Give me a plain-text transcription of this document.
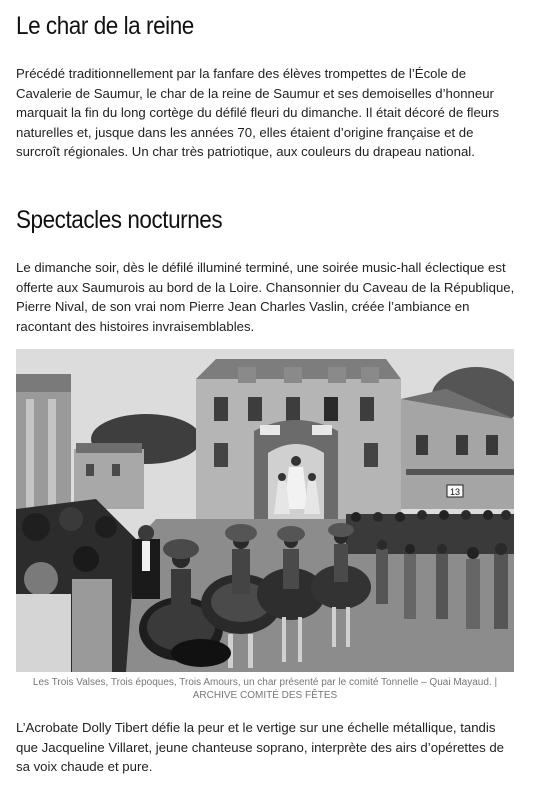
Le char de la reine

Précédé traditionnellement par la fanfare des élèves trompettes de l’École de Cavalerie de Saumur, le char de la reine de Saumur et ses demoiselles d’honneur marquait la fin du long cortège du défilé fleuri du dimanche. Il était décoré de fleurs naturelles et, jusque dans les années 70, elles étaient d’origine française et de surcroît régionales. Un char très patriotique, aux couleurs du drapeau national.

Spectacles nocturnes

Le dimanche soir, dès le défilé illuminé terminé, une soirée music-hall éclectique est offerte aux Saumurois au bord de la Loire. Chansonnier du Caveau de la République, Pierre Nival, de son vrai nom Pierre Jean Charles Vaslin, créée l’ambiance en racontant des histoires invraisemblables.

13

Les Trois Valses, Trois époques, Trois Amours, un char présenté par le comité Tonnelle – Quai Mayaud. | ARCHIVE COMITÉ DES FÊTES

L’Acrobate Dolly Tibert défie la peur et le vertige sur une échelle métallique, tandis que Jacqueline Villaret, jeune chanteuse soprano, interprète des airs d’opérettes de sa voix chaude et pure.
